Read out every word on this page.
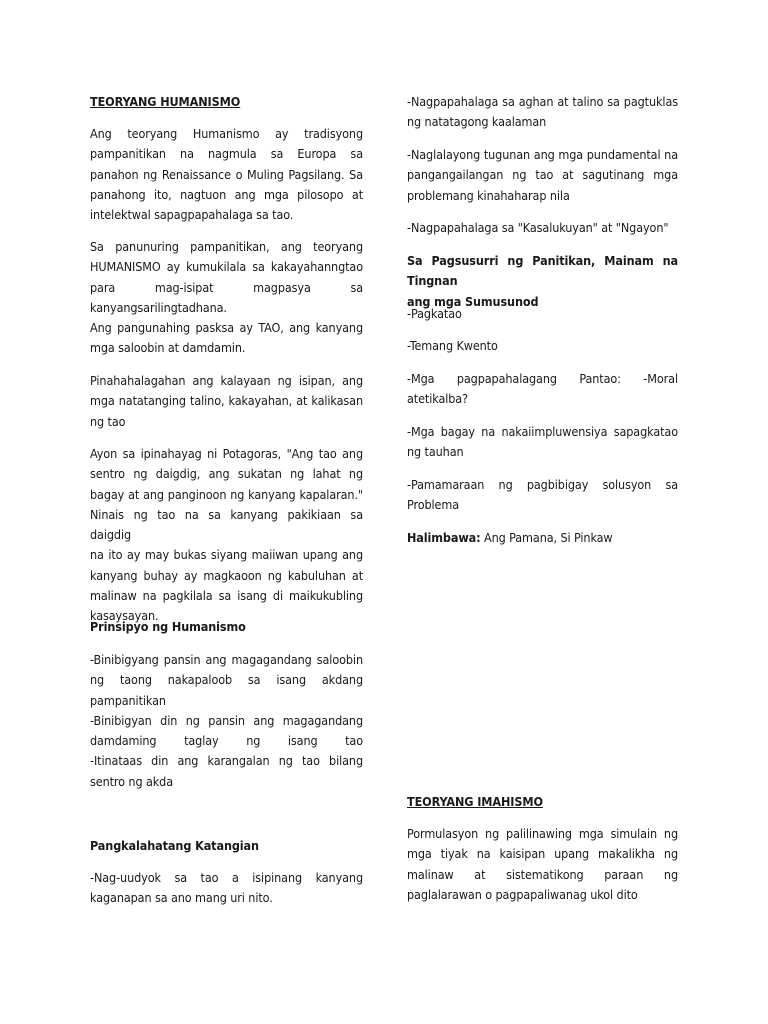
TEORYANG HUMANISMO
Ang teoryang Humanismo ay tradisyong
pampanitikan na nagmula sa Europa sa
panahon ng Renaissance o Muling Pagsilang. Sa
panahong ito, nagtuon ang mga pilosopo at
intelektwal sapagpapahalaga sa tao.
Sa panunuring pampanitikan, ang teoryang
HUMANISMO ay kumukilala sa kakayahanngtao
para mag-isipat magpasya sa
kanyangsarilingtadhana.
Ang pangunahing pasksa ay TAO, ang kanyang
mga saloobin at damdamin.
Pinahahalagahan ang kalayaan ng isipan, ang
mga natatanging talino, kakayahan, at kalikasan
ng tao
Ayon sa ipinahayag ni Potagoras, "Ang tao ang
sentro ng daigdig, ang sukatan ng lahat ng
bagay at ang panginoon ng kanyang kapalaran."
Ninais ng tao na sa kanyang pakikiaan sa daigdig
na ito ay may bukas siyang maiiwan upang ang
kanyang buhay ay magkaoon ng kabuluhan at
malinaw na pagkilala sa isang di maikukubling
kasaysayan.
Prinsipyo ng Humanismo
-Binibigyang pansin ang magagandang saloobin
ng taong nakapaloob sa isang akdang
pampanitikan
-Binibigyan din ng pansin ang magagandang
damdaming taglay ng isang tao
-Itinataas din ang karangalan ng tao bilang
sentro ng akda
Pangkalahatang Katangian
-Nag-uudyok sa tao a isipinang kanyang
kaganapan sa ano mang uri nito.
-Nagpapahalaga sa aghan at talino sa pagtuklas
ng natatagong kaalaman
-Naglalayong tugunan ang mga pundamental na
pangangailangan ng tao at sagutinang mga
problemang kinahaharap nila
-Nagpapahalaga sa "Kasalukuyan" at "Ngayon"
Sa Pagsusurri ng Panitikan, Mainam na Tingnan
ang mga Sumusunod
-Pagkatao
-Temang Kwento
-Mga pagpapahalagang Pantao: -Moral
atetikalba?
-Mga bagay na nakaiimpluwensiya sapagkatao
ng tauhan
-Pamamaraan ng pagbibigay solusyon sa
Problema
Halimbawa: Ang Pamana, Si Pinkaw
TEORYANG IMAHISMO
Pormulasyon ng palilinawing mga simulain ng
mga tiyak na kaisipan upang makalikha ng
malinaw at sistematikong paraan ng
paglalarawan o pagpapaliwanag ukol dito
